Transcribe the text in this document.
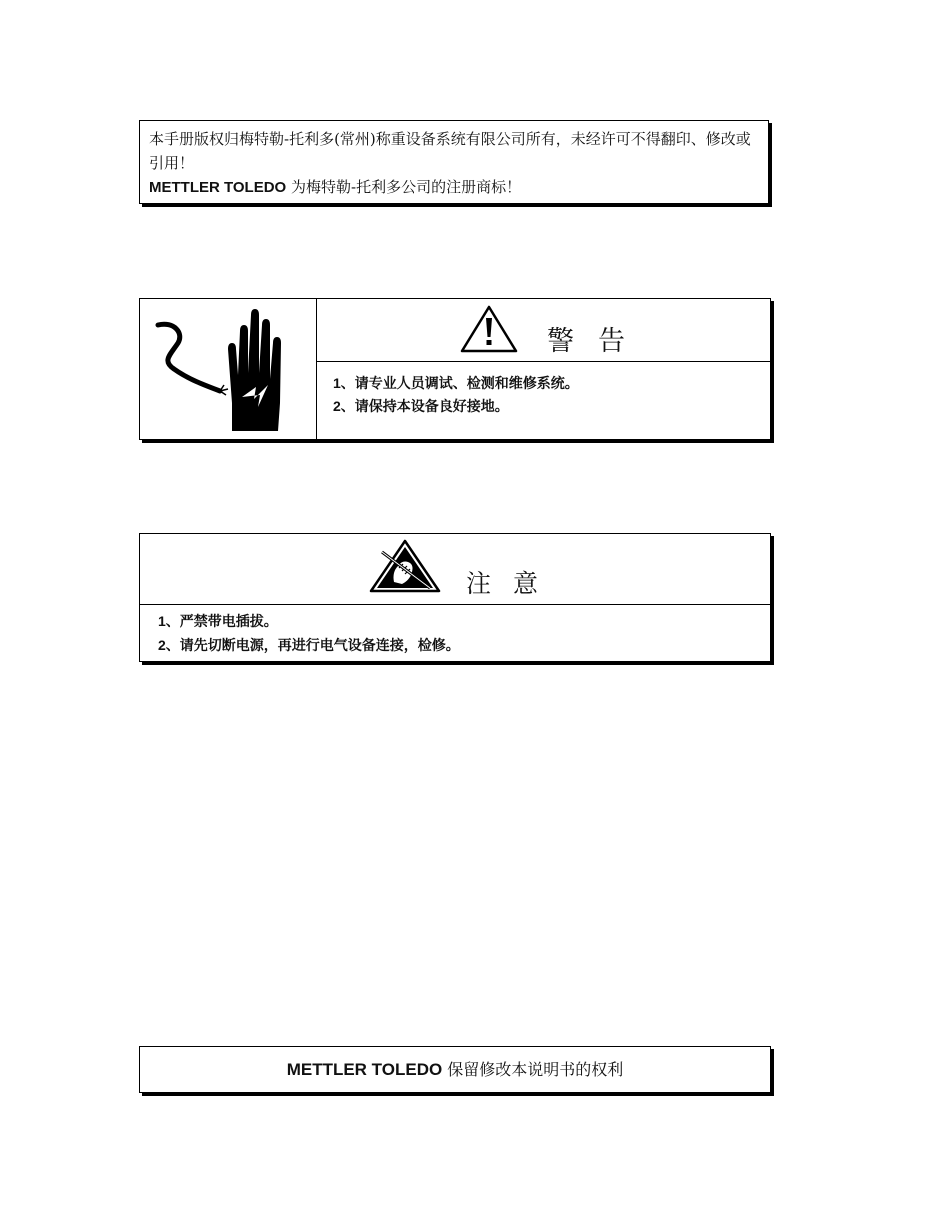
本手册版权归梅特勒-托利多(常州)称重设备系统有限公司所有，未经许可不得翻印、修改或引用！

METTLER TOLEDO 为梅特勒-托利多公司的注册商标！

警告
1、请专业人员调试、检测和维修系统。
2、请保持本设备良好接地。
注意
1、严禁带电插拔。
2、请先切断电源，再进行电气设备连接，检修。
METTLER TOLEDO 保留修改本说明书的权利
